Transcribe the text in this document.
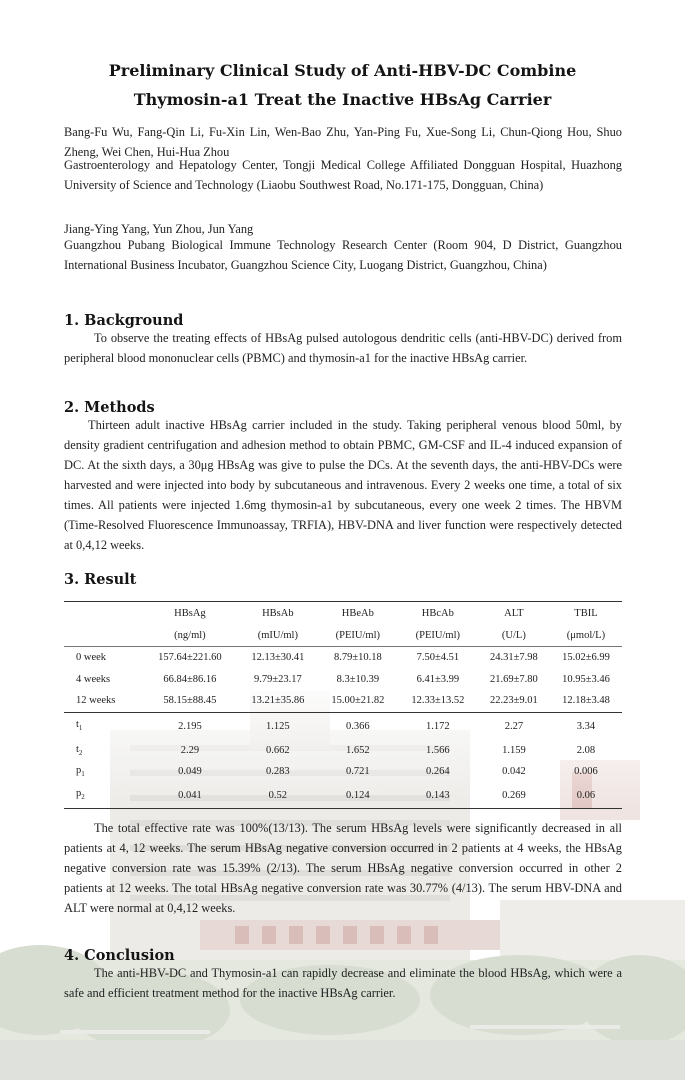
Preliminary Clinical Study of Anti-HBV-DC Combine
Thymosin-a1 Treat the Inactive HBsAg Carrier
Bang-Fu Wu, Fang-Qin Li, Fu-Xin Lin, Wen-Bao Zhu, Yan-Ping Fu, Xue-Song Li, Chun-Qiong Hou, Shuo Zheng, Wei Chen, Hui-Hua Zhou
Gastroenterology and Hepatology Center, Tongji Medical College Affiliated Dongguan Hospital, Huazhong University of Science and Technology (Liaobu Southwest Road, No.171-175, Dongguan, China)
Jiang-Ying Yang, Yun Zhou, Jun Yang
Guangzhou Pubang Biological Immune Technology Research Center (Room 904, D District, Guangzhou International Business Incubator, Guangzhou Science City, Luogang District, Guangzhou, China)
1. Background
To observe the treating effects of HBsAg pulsed autologous dendritic cells (anti-HBV-DC) derived from peripheral blood mononuclear cells (PBMC) and thymosin-a1 for the inactive HBsAg carrier.
2. Methods
Thirteen adult inactive HBsAg carrier included in the study. Taking peripheral venous blood 50ml, by density gradient centrifugation and adhesion method to obtain PBMC, GM-CSF and IL-4 induced expansion of DC. At the sixth days, a 30μg HBsAg was give to pulse the DCs. At the seventh days, the anti-HBV-DCs were harvested and were injected into body by subcutaneous and intravenous. Every 2 weeks one time, a total of six times. All patients were injected 1.6mg thymosin-a1 by subcutaneous, every one week 2 times. The HBVM (Time-Resolved Fluorescence Immunoassay, TRFIA), HBV-DNA and liver function were respectively detected at 0,4,12 weeks.
3. Result
	HBsAg	HBsAb	HBeAb	HBcAb	ALT	TBIL
	(ng/ml)	(mIU/ml)	(PEIU/ml)	(PEIU/ml)	(U/L)	(μmol/L)
0 week	157.64±221.60	12.13±30.41	8.79±10.18	7.50±4.51	24.31±7.98	15.02±6.99
4 weeks	66.84±86.16	9.79±23.17	8.3±10.39	6.41±3.99	21.69±7.80	10.95±3.46
12 weeks	58.15±88.45	13.21±35.86	15.00±21.82	12.33±13.52	22.23±9.01	12.18±3.48
$t_1$	2.195	1.125	0.366	1.172	2.27	3.34
$t_2$	2.29	0.662	1.652	1.566	1.159	2.08
$p_1$	0.049	0.283	0.721	0.264	0.042	0.006
$p_2$	0.041	0.52	0.124	0.143	0.269	0.06
The total effective rate was 100%(13/13). The serum HBsAg levels were significantly decreased in all patients at 4, 12 weeks. The serum HBsAg negative conversion occurred in 2 patients at 4 weeks, the HBsAg negative conversion rate was 15.39% (2/13). The serum HBsAg negative conversion occurred in other 2 patients at 12 weeks. The total HBsAg negative conversion rate was 30.77% (4/13). The serum HBV-DNA and ALT were normal at 0,4,12 weeks.
4. Conclusion
The anti-HBV-DC and Thymosin-a1 can rapidly decrease and eliminate the blood HBsAg, which were a safe and efficient treatment method for the inactive HBsAg carrier.
